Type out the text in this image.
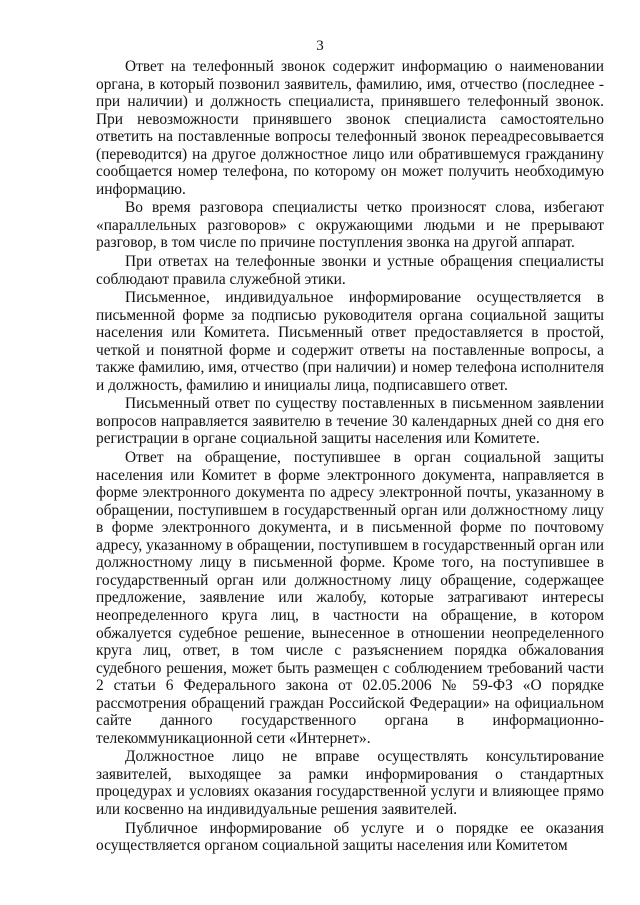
3

Ответ на телефонный звонок содержит информацию о наименовании органа, в который позвонил заявитель, фамилию, имя, отчество (последнее - при наличии) и должность специалиста, принявшего телефонный звонок. При невозможности принявшего звонок специалиста самостоятельно ответить на поставленные вопросы телефонный звонок переадресовывается (переводится) на другое должностное лицо или обратившемуся гражданину сообщается номер телефона, по которому он может получить необходимую информацию.

Во время разговора специалисты четко произносят слова, избегают «параллельных разговоров» с окружающими людьми и не прерывают разговор, в том числе по причине поступления звонка на другой аппарат.

При ответах на телефонные звонки и устные обращения специалисты соблюдают правила служебной этики.

Письменное, индивидуальное информирование осуществляется в письменной форме за подписью руководителя органа социальной защиты населения или Комитета. Письменный ответ предоставляется в простой, четкой и понятной форме и содержит ответы на поставленные вопросы, а также фамилию, имя, отчество (при наличии) и номер телефона исполнителя и должность, фамилию и инициалы лица, подписавшего ответ.

Письменный ответ по существу поставленных в письменном заявлении вопросов направляется заявителю в течение 30 календарных дней со дня его регистрации в органе социальной защиты населения или Комитете.

Ответ на обращение, поступившее в орган социальной защиты населения или Комитет в форме электронного документа, направляется в форме электронного документа по адресу электронной почты, указанному в обращении, поступившем в государственный орган или должностному лицу в форме электронного документа, и в письменной форме по почтовому адресу, указанному в обращении, поступившем в государственный орган или должностному лицу в письменной форме. Кроме того, на поступившее в государственный орган или должностному лицу обращение, содержащее предложение, заявление или жалобу, которые затрагивают интересы неопределенного круга лиц, в частности на обращение, в котором обжалуется судебное решение, вынесенное в отношении неопределенного круга лиц, ответ, в том числе с разъяснением порядка обжалования судебного решения, может быть размещен с соблюдением требований части 2 статьи 6 Федерального закона от 02.05.2006 № 59-ФЗ «О порядке рассмотрения обращений граждан Российской Федерации» на официальном сайте данного государственного органа в информационно-телекоммуникационной сети «Интернет».

Должностное лицо не вправе осуществлять консультирование заявителей, выходящее за рамки информирования о стандартных процедурах и условиях оказания государственной услуги и влияющее прямо или косвенно на индивидуальные решения заявителей.

Публичное информирование об услуге и о порядке ее оказания осуществляется органом социальной защиты населения или Комитетом
